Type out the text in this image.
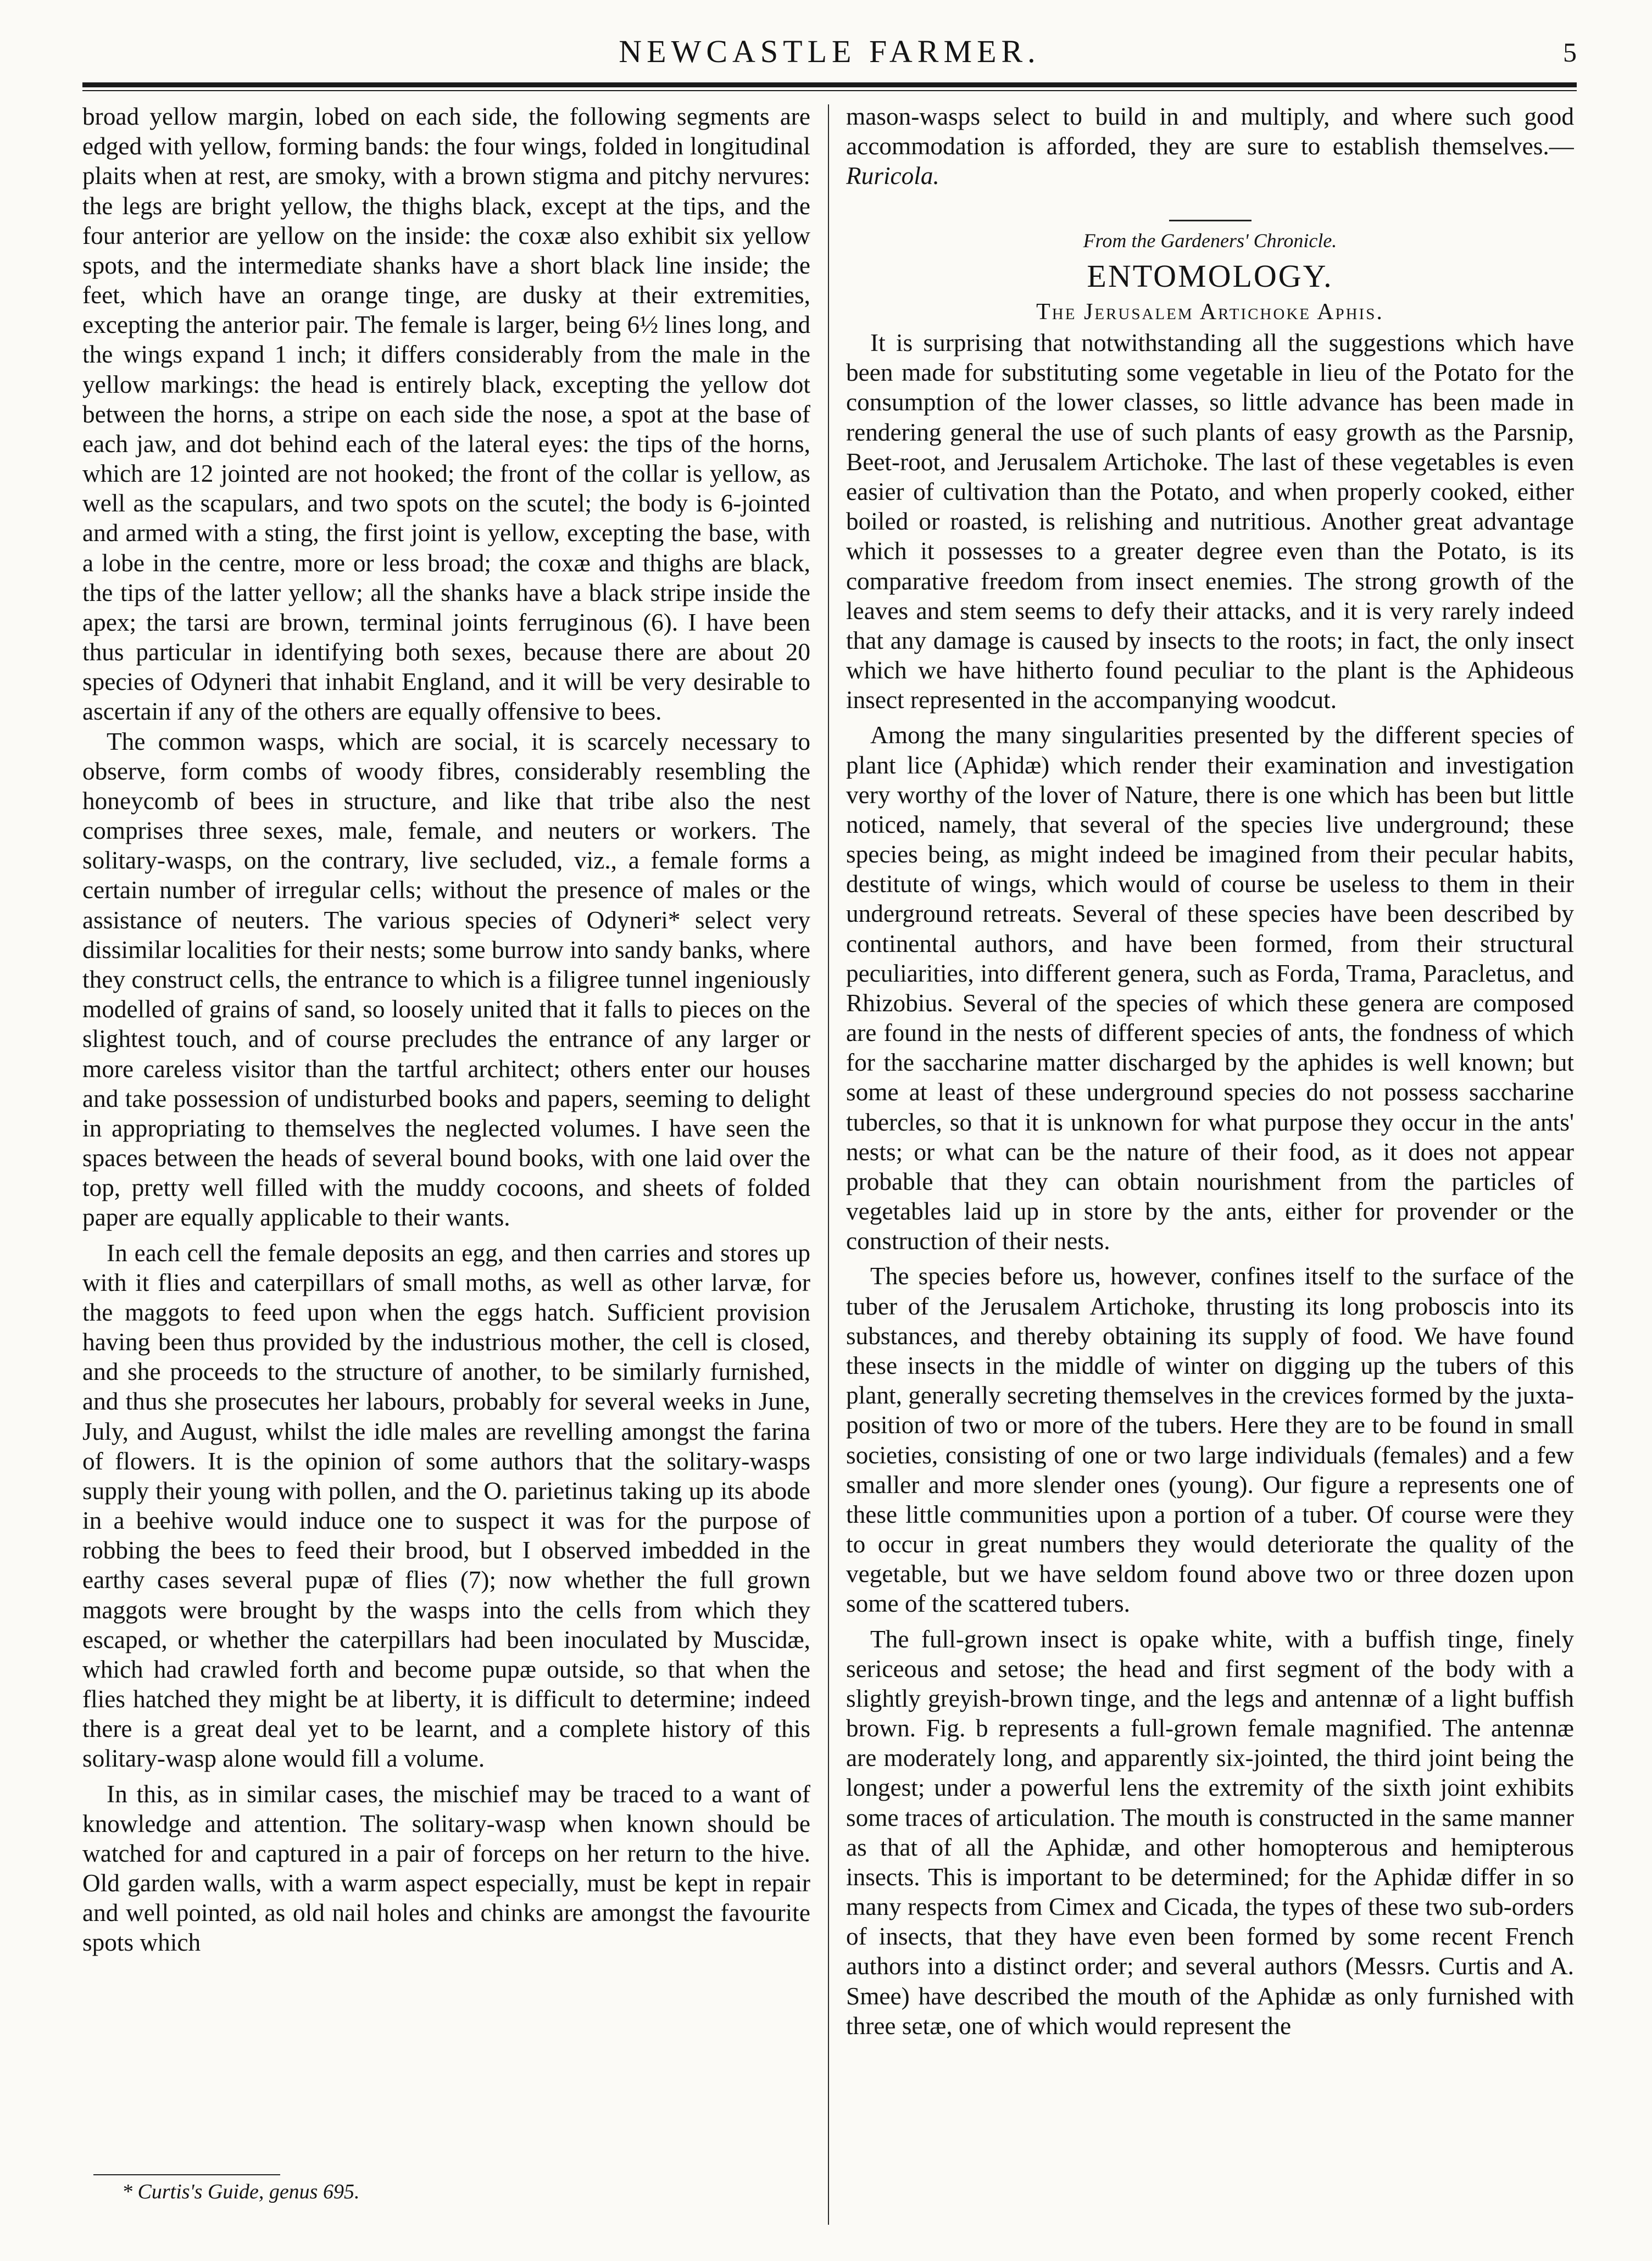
NEWCASTLE FARMER.	5

broad yellow margin, lobed on each side, the following segments are edged with yellow, forming bands: the four wings, folded in longitudinal plaits when at rest, are smoky, with a brown stigma and pitchy nervures: the legs are bright yellow, the thighs black, except at the tips, and the four anterior are yellow on the inside: the coxæ also exhibit six yellow spots, and the intermediate shanks have a short black line inside; the feet, which have an orange tinge, are dusky at their extremities, excepting the anterior pair. The female is larger, being 6½ lines long, and the wings expand 1 inch; it differs considerably from the male in the yellow markings: the head is entirely black, excepting the yellow dot between the horns, a stripe on each side the nose, a spot at the base of each jaw, and dot behind each of the lateral eyes: the tips of the horns, which are 12 jointed are not hooked; the front of the collar is yellow, as well as the scapulars, and two spots on the scutel; the body is 6-jointed and armed with a sting, the first joint is yellow, excepting the base, with a lobe in the centre, more or less broad; the coxæ and thighs are black, the tips of the latter yellow; all the shanks have a black stripe inside the apex; the tarsi are brown, terminal joints ferruginous (6). I have been thus particular in identifying both sexes, because there are about 20 species of Odyneri that inhabit England, and it will be very desirable to ascertain if any of the others are equally offensive to bees.

The common wasps, which are social, it is scarcely necessary to observe, form combs of woody fibres, considerably resembling the honeycomb of bees in structure, and like that tribe also the nest comprises three sexes, male, female, and neuters or workers. The solitary-wasps, on the contrary, live secluded, viz., a female forms a certain number of irregular cells; without the presence of males or the assistance of neuters. The various species of Odyneri* select very dissimilar localities for their nests; some burrow into sandy banks, where they construct cells, the entrance to which is a filigree tunnel ingeniously modelled of grains of sand, so loosely united that it falls to pieces on the slightest touch, and of course precludes the entrance of any larger or more careless visitor than the tartful architect; others enter our houses and take possession of undisturbed books and papers, seeming to delight in appropriating to themselves the neglected volumes. I have seen the spaces between the heads of several bound books, with one laid over the top, pretty well filled with the muddy cocoons, and sheets of folded paper are equally applicable to their wants.

In each cell the female deposits an egg, and then carries and stores up with it flies and caterpillars of small moths, as well as other larvæ, for the maggots to feed upon when the eggs hatch. Sufficient provision having been thus provided by the industrious mother, the cell is closed, and she proceeds to the structure of another, to be similarly furnished, and thus she prosecutes her labours, probably for several weeks in June, July, and August, whilst the idle males are revelling amongst the farina of flowers. It is the opinion of some authors that the solitary-wasps supply their young with pollen, and the O. parietinus taking up its abode in a beehive would induce one to suspect it was for the purpose of robbing the bees to feed their brood, but I observed imbedded in the earthy cases several pupæ of flies (7); now whether the full grown maggots were brought by the wasps into the cells from which they escaped, or whether the caterpillars had been inoculated by Muscidæ, which had crawled forth and become pupæ outside, so that when the flies hatched they might be at liberty, it is difficult to determine; indeed there is a great deal yet to be learnt, and a complete history of this solitary-wasp alone would fill a volume.

In this, as in similar cases, the mischief may be traced to a want of knowledge and attention. The solitary-wasp when known should be watched for and captured in a pair of forceps on her return to the hive. Old garden walls, with a warm aspect especially, must be kept in repair and well pointed, as old nail holes and chinks are amongst the favourite spots which

mason-wasps select to build in and multiply, and where such good accommodation is afforded, they are sure to establish themselves.—Ruricola.

From the Gardeners' Chronicle.

ENTOMOLOGY.

The Jerusalem Artichoke Aphis.

It is surprising that notwithstanding all the suggestions which have been made for substituting some vegetable in lieu of the Potato for the consumption of the lower classes, so little advance has been made in rendering general the use of such plants of easy growth as the Parsnip, Beet-root, and Jerusalem Artichoke. The last of these vegetables is even easier of cultivation than the Potato, and when properly cooked, either boiled or roasted, is relishing and nutritious. Another great advantage which it possesses to a greater degree even than the Potato, is its comparative freedom from insect enemies. The strong growth of the leaves and stem seems to defy their attacks, and it is very rarely indeed that any damage is caused by insects to the roots; in fact, the only insect which we have hitherto found peculiar to the plant is the Aphideous insect represented in the accompanying woodcut.

Among the many singularities presented by the different species of plant lice (Aphidæ) which render their examination and investigation very worthy of the lover of Nature, there is one which has been but little noticed, namely, that several of the species live underground; these species being, as might indeed be imagined from their pecular habits, destitute of wings, which would of course be useless to them in their underground retreats. Several of these species have been described by continental authors, and have been formed, from their structural peculiarities, into different genera, such as Forda, Trama, Paracletus, and Rhizobius. Several of the species of which these genera are composed are found in the nests of different species of ants, the fondness of which for the saccharine matter discharged by the aphides is well known; but some at least of these underground species do not possess saccharine tubercles, so that it is unknown for what purpose they occur in the ants' nests; or what can be the nature of their food, as it does not appear probable that they can obtain nourishment from the particles of vegetables laid up in store by the ants, either for provender or the construction of their nests.

The species before us, however, confines itself to the surface of the tuber of the Jerusalem Artichoke, thrusting its long proboscis into its substances, and thereby obtaining its supply of food. We have found these insects in the middle of winter on digging up the tubers of this plant, generally secreting themselves in the crevices formed by the juxta-position of two or more of the tubers. Here they are to be found in small societies, consisting of one or two large individuals (females) and a few smaller and more slender ones (young). Our figure a represents one of these little communities upon a portion of a tuber. Of course were they to occur in great numbers they would deteriorate the quality of the vegetable, but we have seldom found above two or three dozen upon some of the scattered tubers.

The full-grown insect is opake white, with a buffish tinge, finely sericeous and setose; the head and first segment of the body with a slightly greyish-brown tinge, and the legs and antennæ of a light buffish brown. Fig. b represents a full-grown female magnified. The antennæ are moderately long, and apparently six-jointed, the third joint being the longest; under a powerful lens the extremity of the sixth joint exhibits some traces of articulation. The mouth is constructed in the same manner as that of all the Aphidæ, and other homopterous and hemipterous insects. This is important to be determined; for the Aphidæ differ in so many respects from Cimex and Cicada, the types of these two sub-orders of insects, that they have even been formed by some recent French authors into a distinct order; and several authors (Messrs. Curtis and A. Smee) have described the mouth of the Aphidæ as only furnished with three setæ, one of which would represent the

* Curtis's Guide, genus 695.
